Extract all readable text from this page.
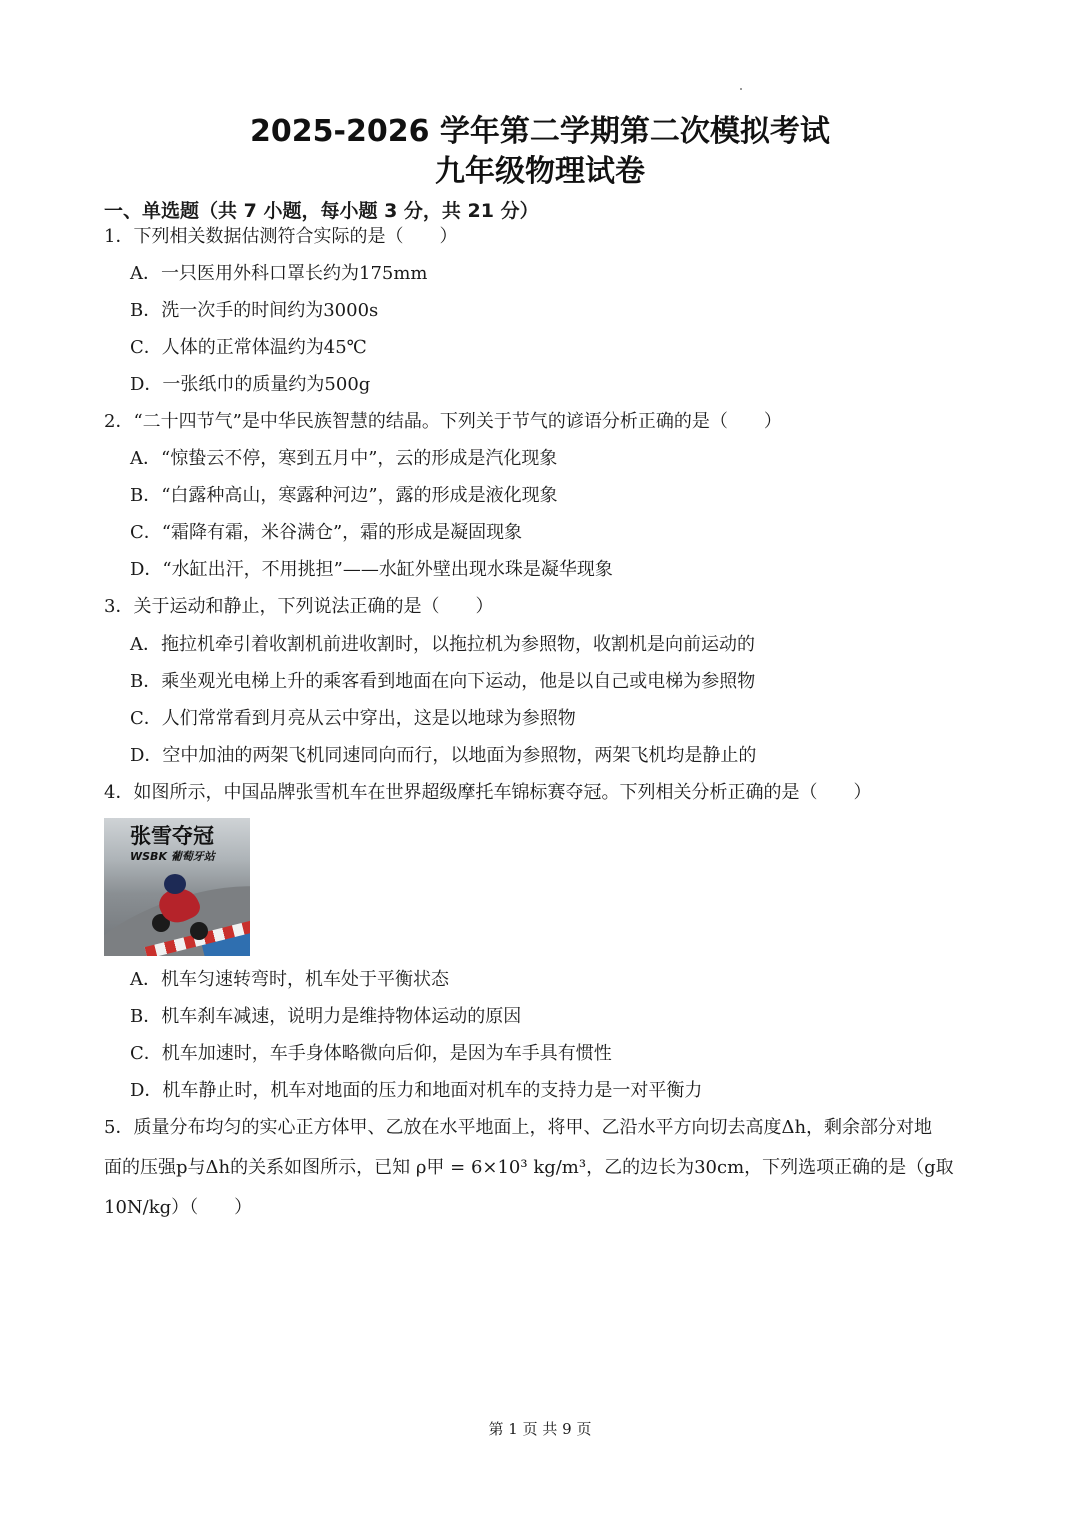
2025-2026 学年第二学期第二次模拟考试
九年级物理试卷
一、单选题（共 7 小题，每小题 3 分，共 21 分）
1．下列相关数据估测符合实际的是（　　）
A．一只医用外科口罩长约为175mm
B．洗一次手的时间约为3000s
C．人体的正常体温约为45℃
D．一张纸巾的质量约为500g
2．“二十四节气”是中华民族智慧的结晶。下列关于节气的谚语分析正确的是（　　）
A．“惊蛰云不停，寒到五月中”，云的形成是汽化现象
B．“白露种高山，寒露种河边”，露的形成是液化现象
C．“霜降有霜，米谷满仓”，霜的形成是凝固现象
D．“水缸出汗，不用挑担”——水缸外壁出现水珠是凝华现象
3．关于运动和静止，下列说法正确的是（　　）
A．拖拉机牵引着收割机前进收割时，以拖拉机为参照物，收割机是向前运动的
B．乘坐观光电梯上升的乘客看到地面在向下运动，他是以自己或电梯为参照物
C．人们常常看到月亮从云中穿出，这是以地球为参照物
D．空中加油的两架飞机同速同向而行，以地面为参照物，两架飞机均是静止的
4．如图所示，中国品牌张雪机车在世界超级摩托车锦标赛夺冠。下列相关分析正确的是（　　）
张雪夺冠
WSBK 葡萄牙站
A．机车匀速转弯时，机车处于平衡状态
B．机车刹车减速，说明力是维持物体运动的原因
C．机车加速时，车手身体略微向后仰，是因为车手具有惯性
D．机车静止时，机车对地面的压力和地面对机车的支持力是一对平衡力
5．质量分布均匀的实心正方体甲、乙放在水平地面上，将甲、乙沿水平方向切去高度Δh，剩余部分对地
面的压强p与Δh的关系如图所示，已知 ρ甲 = 6×10³ kg/m³，乙的边长为30cm，下列选项正确的是（g取
10N/kg）（　　）
第 1 页 共 9 页
